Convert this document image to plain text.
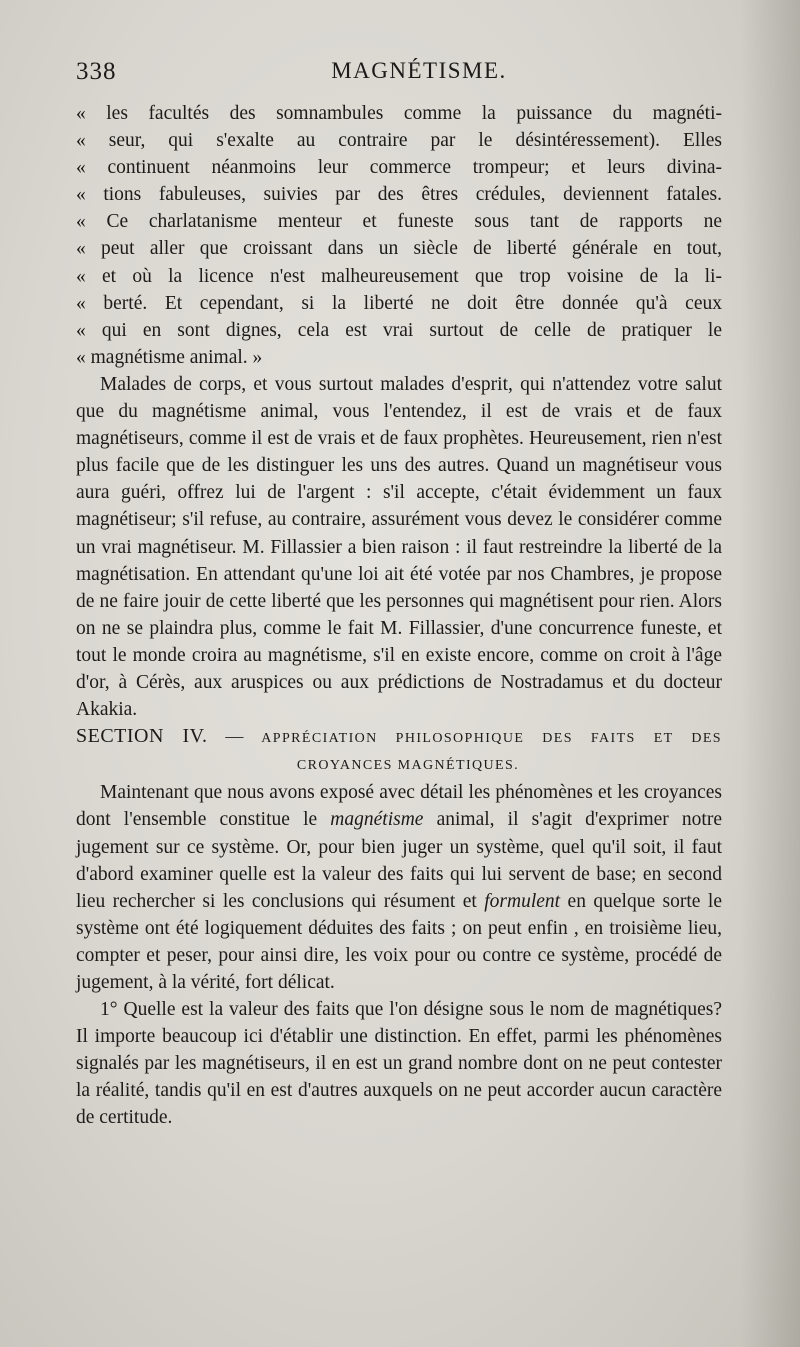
338	MAGNÉTISME.

« les facultés des somnambules comme la puissance du magnéti-

« seur, qui s'exalte au contraire par le désintéressement). Elles

« continuent néanmoins leur commerce trompeur; et leurs divina-

« tions fabuleuses, suivies par des êtres crédules, deviennent fatales.

« Ce charlatanisme menteur et funeste sous tant de rapports ne

« peut aller que croissant dans un siècle de liberté générale en tout,

« et où la licence n'est malheureusement que trop voisine de la li-

« berté. Et cependant, si la liberté ne doit être donnée qu'à ceux

« qui en sont dignes, cela est vrai surtout de celle de pratiquer le

« magnétisme animal. »

Malades de corps, et vous surtout malades d'esprit, qui n'attendez votre salut que du magnétisme animal, vous l'entendez, il est de vrais et de faux magnétiseurs, comme il est de vrais et de faux prophètes. Heureusement, rien n'est plus facile que de les distinguer les uns des autres. Quand un magnétiseur vous aura guéri, offrez lui de l'argent : s'il accepte, c'était évidemment un faux magnétiseur; s'il refuse, au contraire, assurément vous devez le considérer comme un vrai magnétiseur. M. Fillassier a bien raison : il faut restreindre la liberté de la magnétisation. En attendant qu'une loi ait été votée par nos Chambres, je propose de ne faire jouir de cette liberté que les personnes qui magnétisent pour rien. Alors on ne se plaindra plus, comme le fait M. Fillassier, d'une concurrence funeste, et tout le monde croira au magnétisme, s'il en existe encore, comme on croit à l'âge d'or, à Cérès, aux aruspices ou aux prédictions de Nostradamus et du docteur Akakia.

SECTION IV. — APPRÉCIATION PHILOSOPHIQUE DES FAITS ET DES

CROYANCES MAGNÉTIQUES.

Maintenant que nous avons exposé avec détail les phénomènes et les croyances dont l'ensemble constitue le magnétisme animal, il s'agit d'exprimer notre jugement sur ce système. Or, pour bien juger un système, quel qu'il soit, il faut d'abord examiner quelle est la valeur des faits qui lui servent de base; en second lieu rechercher si les conclusions qui résument et formulent en quelque sorte le système ont été logiquement déduites des faits ; on peut enfin , en troisième lieu, compter et peser, pour ainsi dire, les voix pour ou contre ce système, procédé de jugement, à la vérité, fort délicat.

1° Quelle est la valeur des faits que l'on désigne sous le nom de magnétiques? Il importe beaucoup ici d'établir une distinction. En effet, parmi les phénomènes signalés par les magnétiseurs, il en est un grand nombre dont on ne peut contester la réalité, tandis qu'il en est d'autres auxquels on ne peut accorder aucun caractère de certitude.
